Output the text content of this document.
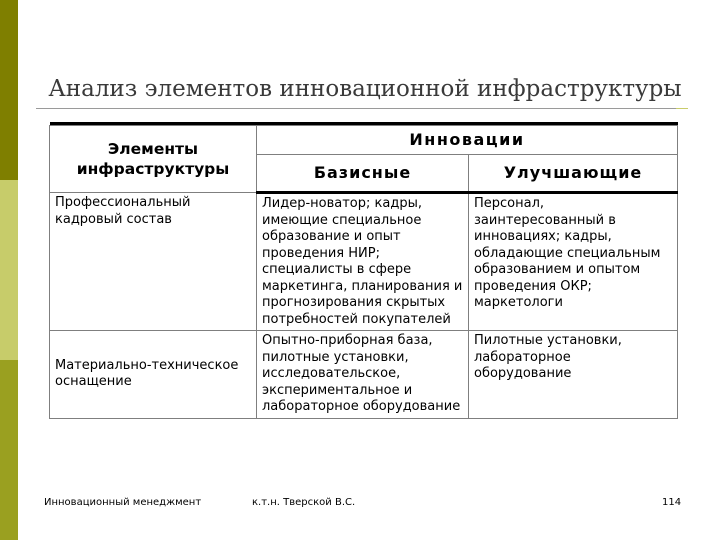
Анализ элементов инновационной инфраструктуры

Элементы инфраструктуры	Инновации	
	Базисные	Улучшающие
Профессиональный кадровый состав	Лидер-новатор; кадры, имеющие специальное образование и опыт проведения НИР; специалисты в сфере маркетинга, планирования и прогнозирования скрытых потребностей покупателей	Персонал, заинтересованный в инновациях; кадры, обладающие специальным образованием и опытом проведения ОКР; маркетологи
Материально-техническое оснащение	Опытно-приборная база, пилотные установки, исследовательское, экспериментальное и лабораторное оборудование	Пилотные установки, лабораторное оборудование
Инновационный менеджмент	к.т.н. Тверской В.С.	114
